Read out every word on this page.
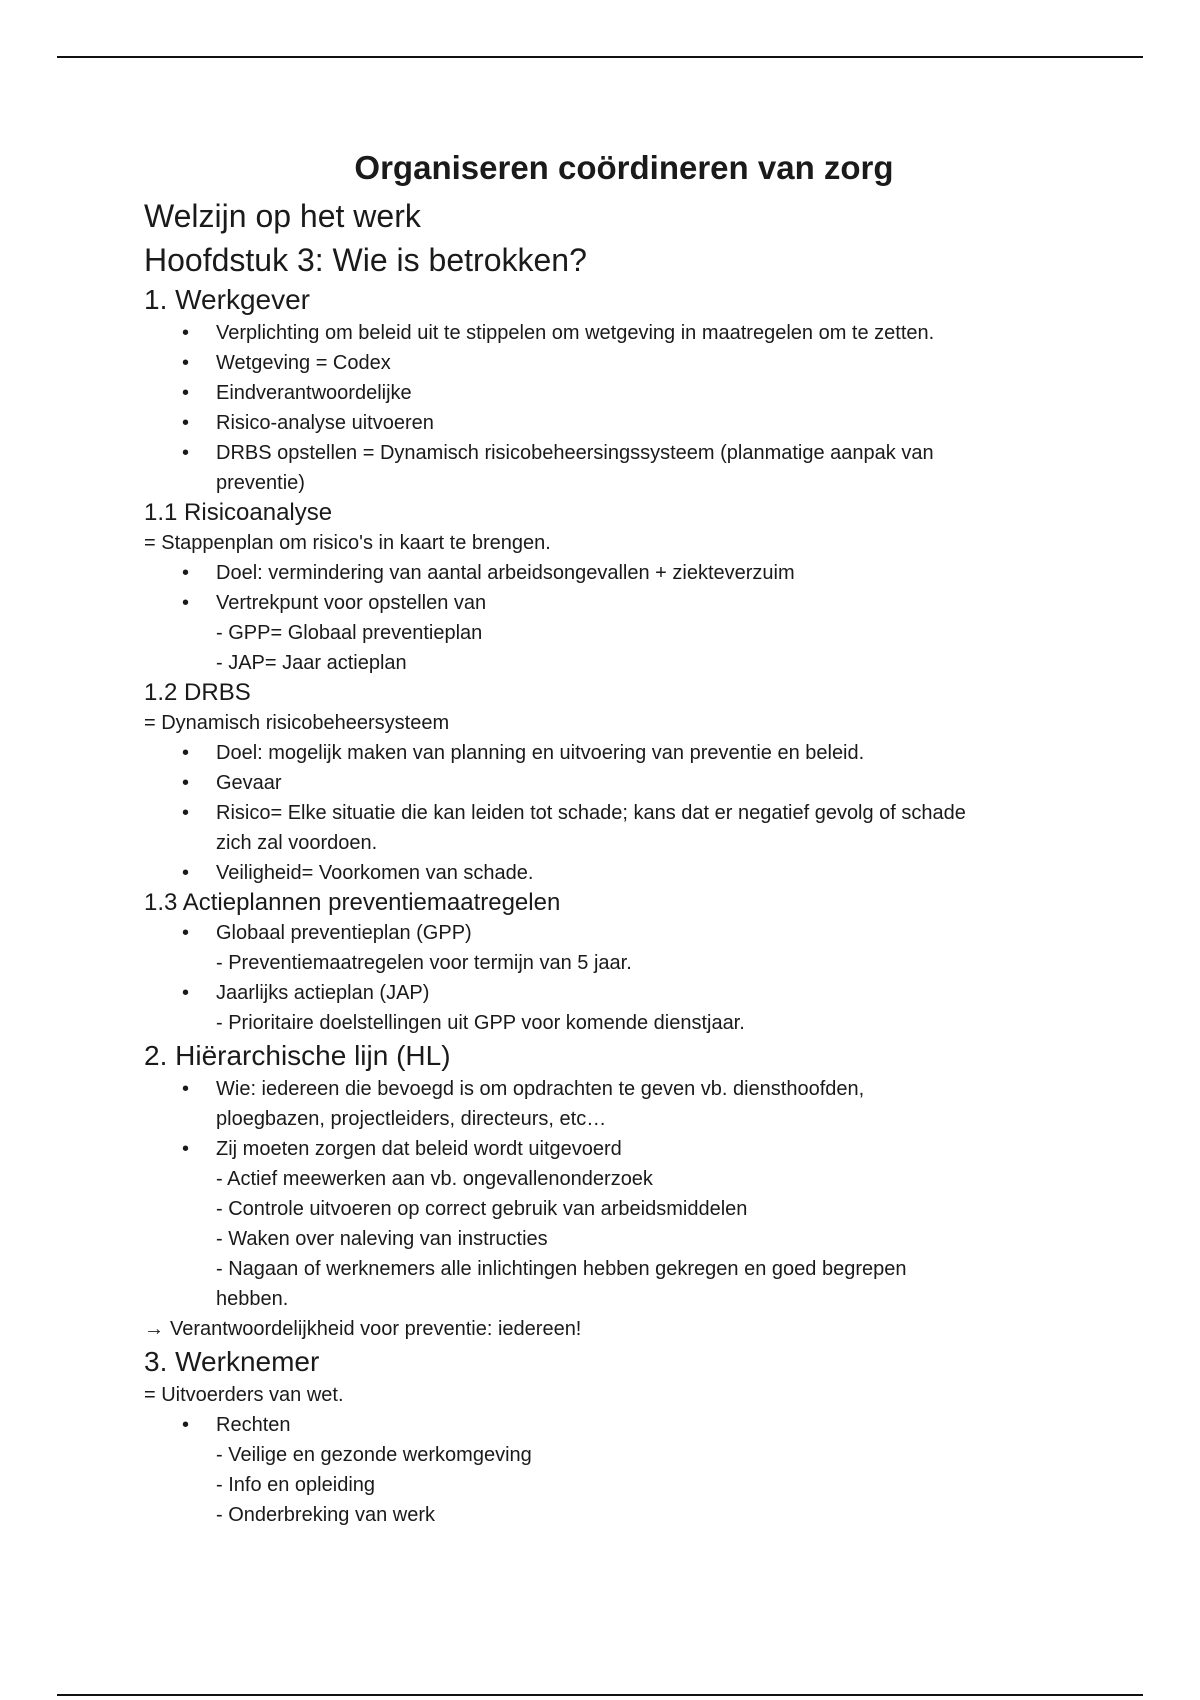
Organiseren coördineren van zorg
Welzijn op het werk
Hoofdstuk 3: Wie is betrokken?
1. Werkgever
• Verplichting om beleid uit te stippelen om wetgeving in maatregelen om te zetten.
• Wetgeving = Codex
• Eindverantwoordelijke
• Risico-analyse uitvoeren
• DRBS opstellen = Dynamisch risicobeheersingssysteem (planmatige aanpak van preventie)
1.1 Risicoanalyse
= Stappenplan om risico's in kaart te brengen.
• Doel: vermindering van aantal arbeidsongevallen + ziekteverzuim
• Vertrekpunt voor opstellen van
- GPP= Globaal preventieplan
- JAP= Jaar actieplan
1.2 DRBS
= Dynamisch risicobeheersysteem
• Doel: mogelijk maken van planning en uitvoering van preventie en beleid.
• Gevaar
• Risico= Elke situatie die kan leiden tot schade; kans dat er negatief gevolg of schade zich zal voordoen.
• Veiligheid= Voorkomen van schade.
1.3 Actieplannen preventiemaatregelen
• Globaal preventieplan (GPP)
- Preventiemaatregelen voor termijn van 5 jaar.
• Jaarlijks actieplan (JAP)
- Prioritaire doelstellingen uit GPP voor komende dienstjaar.
2. Hiërarchische lijn (HL)
• Wie: iedereen die bevoegd is om opdrachten te geven vb. diensthoofden, ploegbazen, projectleiders, directeurs, etc…
• Zij moeten zorgen dat beleid wordt uitgevoerd
- Actief meewerken aan vb. ongevallenonderzoek
- Controle uitvoeren op correct gebruik van arbeidsmiddelen
- Waken over naleving van instructies
- Nagaan of werknemers alle inlichtingen hebben gekregen en goed begrepen hebben.
→ Verantwoordelijkheid voor preventie: iedereen!
3. Werknemer
= Uitvoerders van wet.
• Rechten
- Veilige en gezonde werkomgeving
- Info en opleiding
- Onderbreking van werk
